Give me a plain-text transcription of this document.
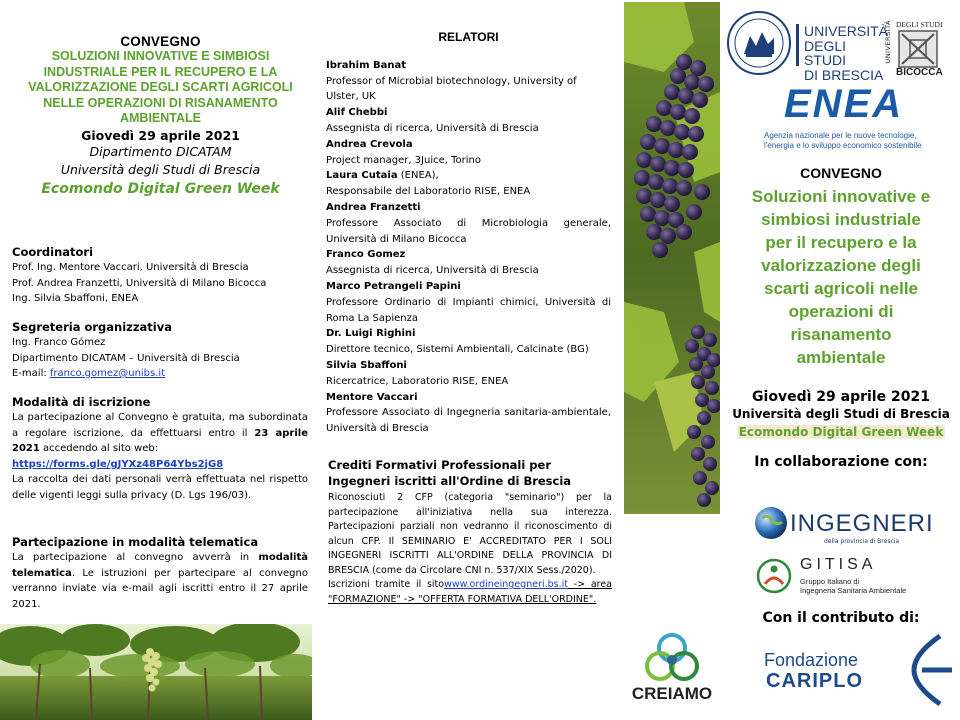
CONVEGNO
SOLUZIONI INNOVATIVE E SIMBIOSI INDUSTRIALE PER IL RECUPERO E LA VALORIZZAZIONE DEGLI SCARTI AGRICOLI NELLE OPERAZIONI DI RISANAMENTO AMBIENTALE
Giovedì 29 aprile 2021
Dipartimento DICATAM
Università degli Studi di Brescia
Ecomondo Digital Green Week
Coordinatori
Prof. Ing. Mentore Vaccari, Università di Brescia
Prof. Andrea Franzetti, Università di Milano Bicocca
Ing. Silvia Sbaffoni, ENEA
Segreteria organizzativa
Ing. Franco Gómez
Dipartimento DICATAM – Università di Brescia
E-mail: franco.gomez@unibs.it
Modalità di iscrizione
La partecipazione al Convegno è gratuita, ma subordinata a regolare iscrizione, da effettuarsi entro il 23 aprile 2021 accedendo al sito web:
https://forms.gle/gJYXz48P64Ybs2jG8
La raccolta dei dati personali verrà effettuata nel rispetto delle vigenti leggi sulla privacy (D. Lgs 196/03).
Partecipazione in modalità telematica
La partecipazione al convegno avverrà in modalità telematica. Le istruzioni per partecipare al convegno verranno inviate via e-mail agli iscritti entro il 27 aprile 2021.
RELATORI
Ibrahim Banat
Professor of Microbial biotechnology, University of Ulster, UK
Alif Chebbi
Assegnista di ricerca, Università di Brescia
Andrea Crevola
Project manager, 3Juice, Torino
Laura Cutaia (ENEA),
Responsabile del Laboratorio RISE, ENEA
Andrea Franzetti
Professore Associato di Microbiologia generale, Università di Milano Bicocca
Franco Gomez
Assegnista di ricerca, Università di Brescia
Marco Petrangeli Papini
Professore Ordinario di Impianti chimici, Università di Roma La Sapienza
Dr. Luigi Righini
Direttore tecnico, Sistemi Ambientali, Calcinate (BG)
Silvia Sbaffoni
Ricercatrice, Laboratorio RISE, ENEA
Mentore Vaccari
Professore Associato di Ingegneria sanitaria-ambientale, Università di Brescia
Crediti Formativi Professionali per Ingegneri iscritti all'Ordine di Brescia
Riconosciuti 2 CFP (categoria "seminario") per la partecipazione all'iniziativa nella sua interezza. Partecipazioni parziali non vedranno il riconoscimento di alcun CFP. Il SEMINARIO E' ACCREDITATO PER I SOLI INGEGNERI ISCRITTI ALL'ORDINE DELLA PROVINCIA DI BRESCIA (come da Circolare CNI n. 537/XIX Sess./2020).
Iscrizioni tramite il sitowww.ordineingegneri.bs.it -> area "FORMAZIONE" -> "OFFERTA FORMATIVA DELL'ORDINE".
UNIVERSITÀ
DEGLI STUDI
DI BRESCIA
UNIVERSITÀ DEGLI STUDI
BICOCCA
ENEA
Agenzia nazionale per le nuove tecnologie,
l'energia e lo sviluppo economico sostenibile
CONVEGNO
Soluzioni innovative e
simbiosi industriale
per il recupero e la
valorizzazione degli
scarti agricoli nelle
operazioni di
risanamento
ambientale
Giovedì 29 aprile 2021
Università degli Studi di Brescia
Ecomondo Digital Green Week
In collaborazione con:
INGEGNERI
della provincia di Brescia
GITISA
Gruppo Italiano di
Ingegneria Sanitaria Ambientale
Con il contributo di:
Fondazione
CARIPLO
CREIAMO
